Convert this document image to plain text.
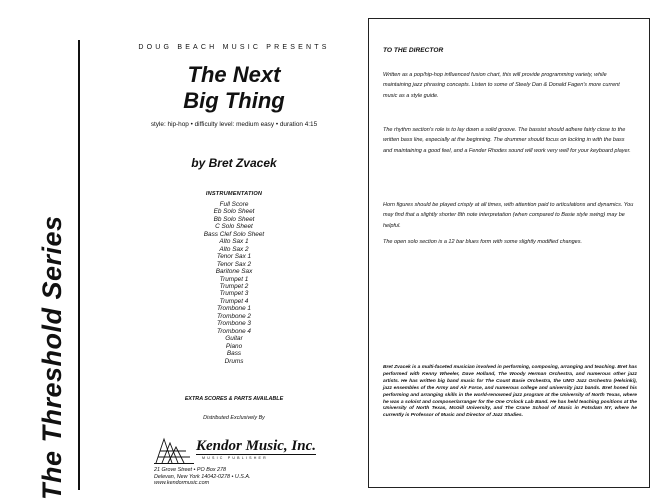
The Threshold Series
DOUG BEACH MUSIC PRESENTS
The Next
Big Thing
style: hip-hop • difficulty level: medium easy • duration 4:15
by Bret Zvacek
INSTRUMENTATION
Full Score
Eb Solo Sheet
Bb Solo Sheet
C Solo Sheet
Bass Clef Solo Sheet
Alto Sax 1
Alto Sax 2
Tenor Sax 1
Tenor Sax 2
Baritone Sax
Trumpet 1
Trumpet 2
Trumpet 3
Trumpet 4
Trombone 1
Trombone 2
Trombone 3
Trombone 4
Guitar
Piano
Bass
Drums
EXTRA SCORES & PARTS AVAILABLE
Distributed Exclusively By
Kendor Music, Inc.
MUSIC PUBLISHER
21 Grove Street • PO Box 278
Delevan, New York 14042-0278 • U.S.A.
www.kendormusic.com
TO THE DIRECTOR

Written as a pop/hip-hop influenced fusion chart, this will provide programming variety, while maintaining jazz phrasing concepts. Listen to some of Steely Dan & Donald Fagen's more current music as a style guide.

The rhythm section's role is to lay down a solid groove. The bassist should adhere fairly close to the written bass line, especially at the beginning. The drummer should focus on locking in with the bass and maintaining a good feel, and a Fender Rhodes sound will work very well for your keyboard player.

Horn figures should be played crisply at all times, with attention paid to articulations and dynamics. You may find that a slightly shorter 8th note interpretation (when compared to Basie style swing) may be helpful.

The open solo section is a 12 bar blues form with some slightly modified changes.

Bret Zvacek is a multi-faceted musician involved in performing, composing, arranging and teaching. Bret has performed with Kenny Wheeler, Dave Holland, The Woody Herman Orchestra, and numerous other jazz artists. He has written big band music for The Count Basie Orchestra, the UMO Jazz Orchestra (Helsinki), jazz ensembles of the Army and Air Force, and numerous college and university jazz bands. Bret honed his performing and arranging skills in the world-renowned jazz program at the University of North Texas, where he was a soloist and composer/arranger for the One O'clock Lab Band. He has held teaching positions at the University of North Texas, McGill University, and The Crane School of Music in Potsdam NY, where he currently is Professor of Music and Director of Jazz Studies.
